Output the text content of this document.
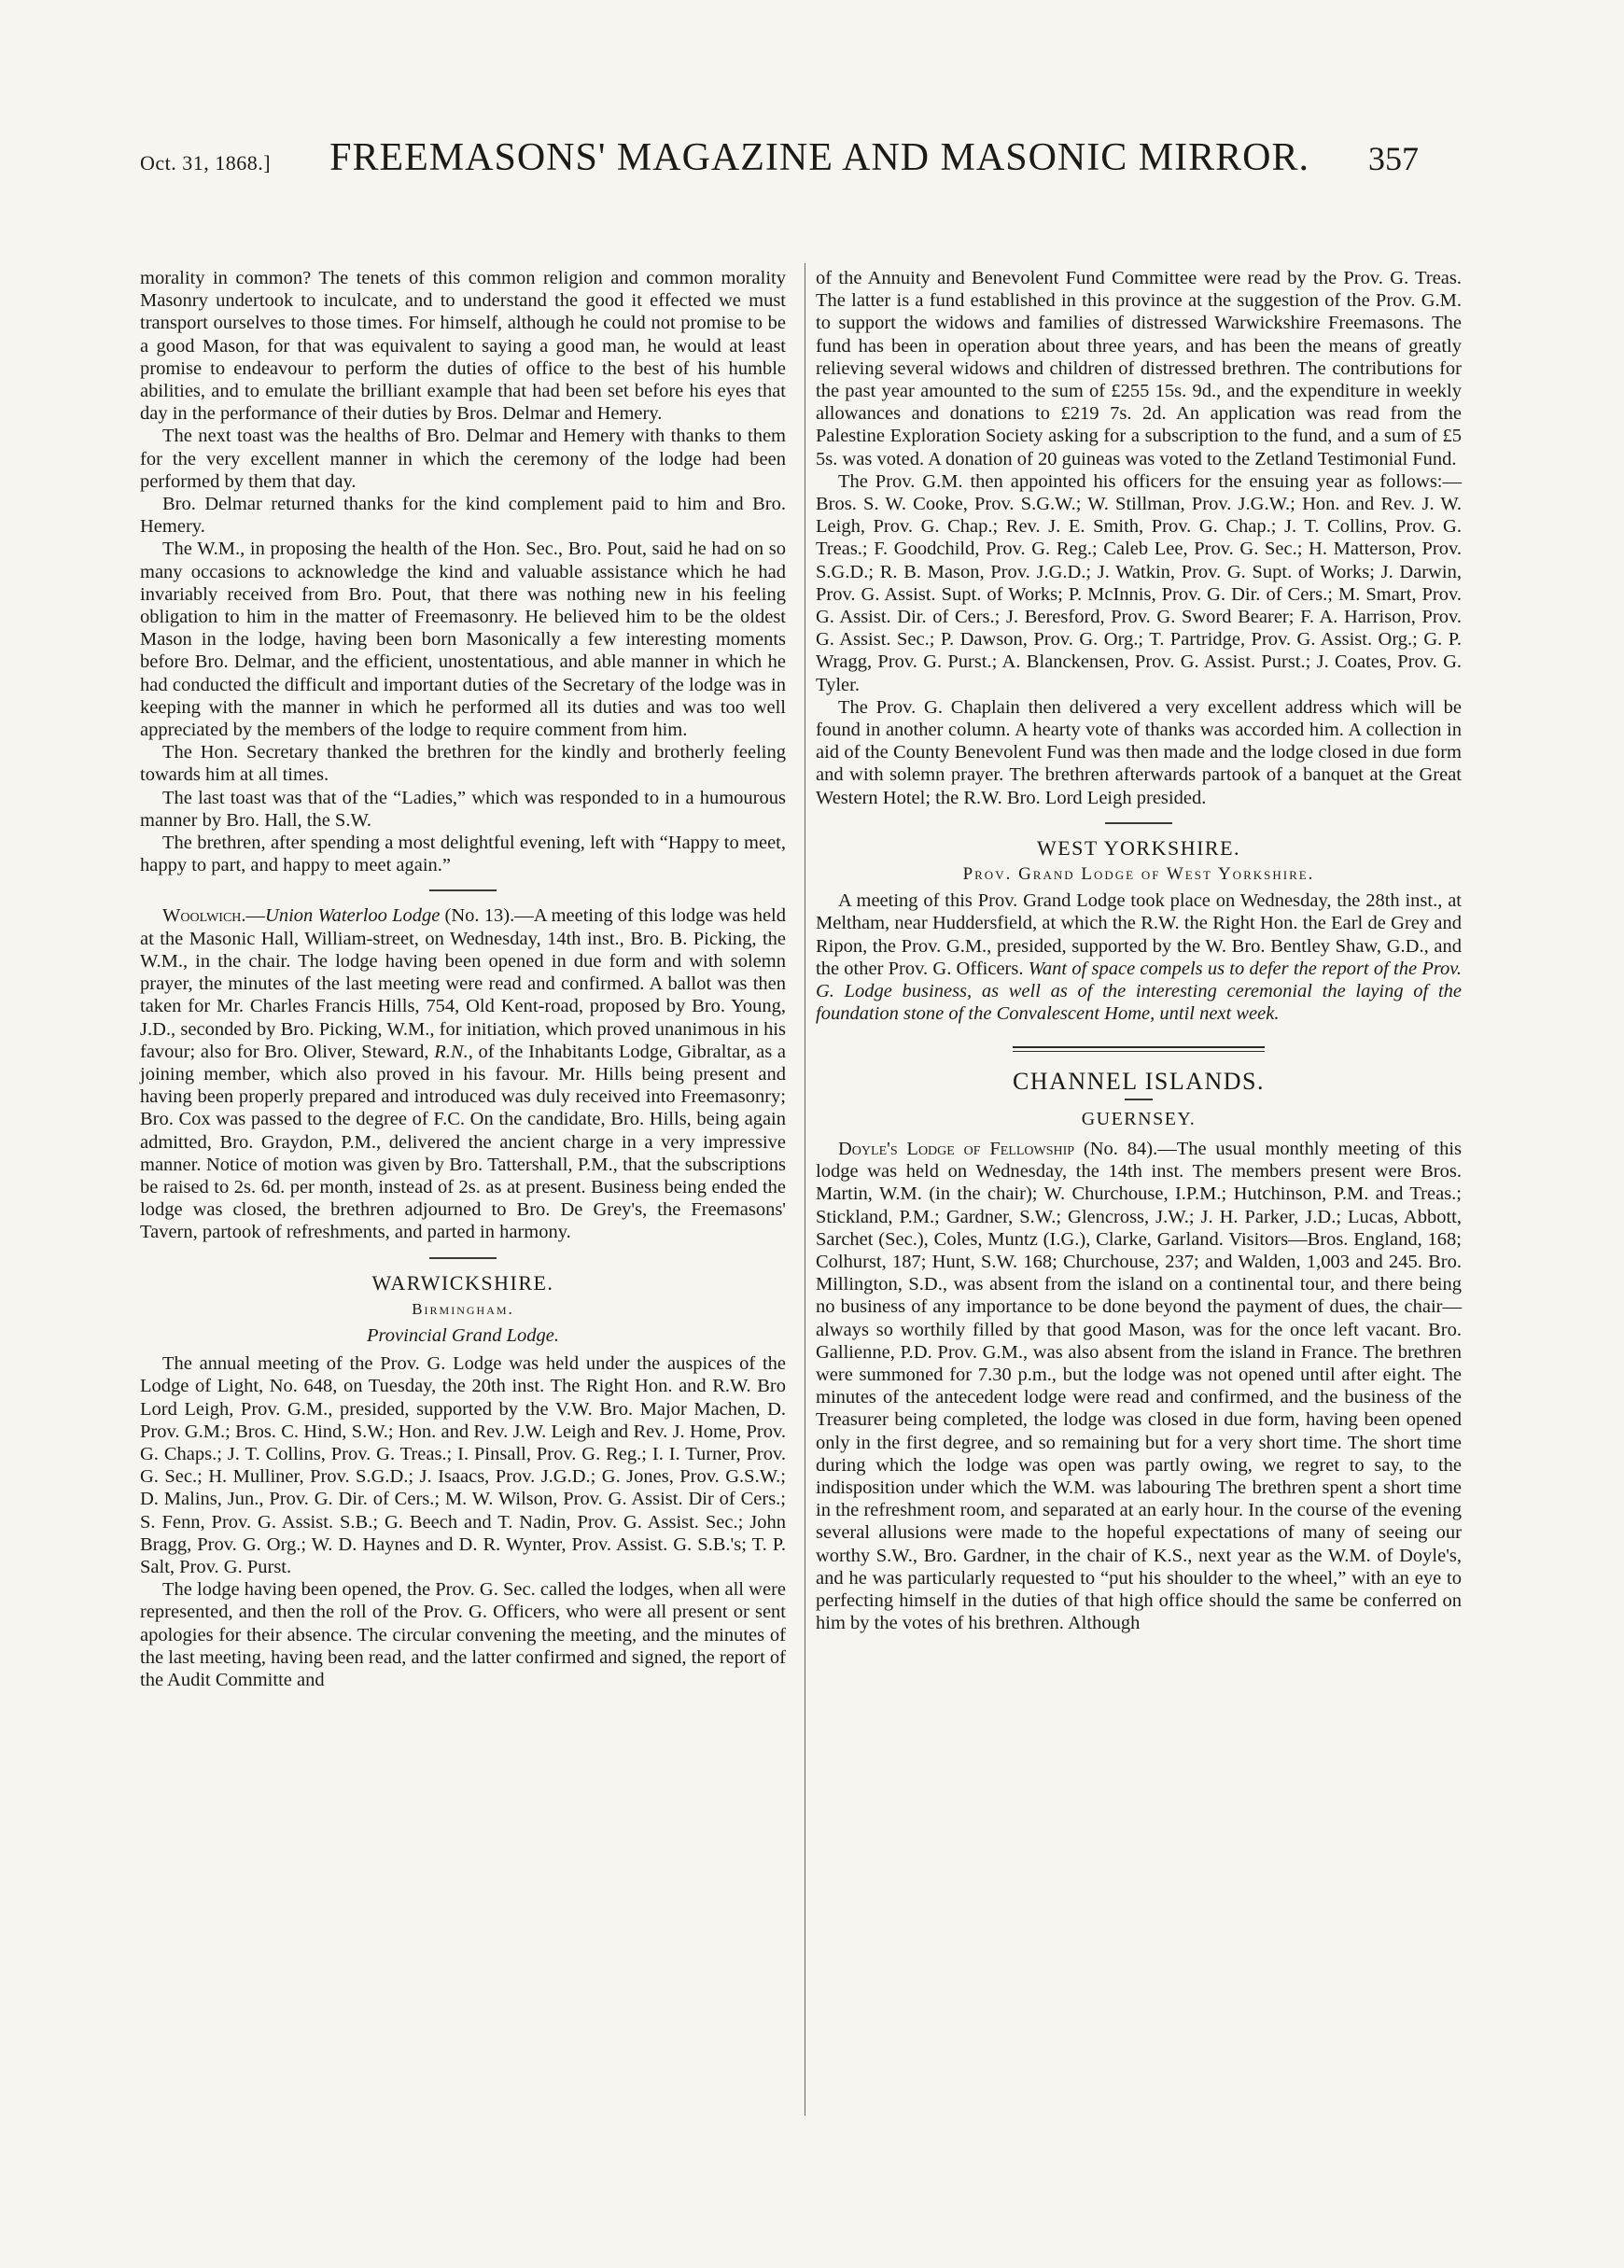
Oct. 31, 1868.] FREEMASONS' MAGAZINE AND MASONIC MIRROR. 357

morality in common? The tenets of this common religion and common morality Masonry undertook to inculcate, and to understand the good it effected we must transport ourselves to those times. For himself, although he could not promise to be a good Mason, for that was equivalent to saying a good man, he would at least promise to endeavour to perform the duties of office to the best of his humble abilities, and to emulate the brilliant example that had been set before his eyes that day in the performance of their duties by Bros. Delmar and Hemery.

The next toast was the healths of Bro. Delmar and Hemery with thanks to them for the very excellent manner in which the ceremony of the lodge had been performed by them that day.

Bro. Delmar returned thanks for the kind complement paid to him and Bro. Hemery.

The W.M., in proposing the health of the Hon. Sec., Bro. Pout, said he had on so many occasions to acknowledge the kind and valuable assistance which he had invariably received from Bro. Pout, that there was nothing new in his feeling obligation to him in the matter of Freemasonry. He believed him to be the oldest Mason in the lodge, having been born Masonically a few interesting moments before Bro. Delmar, and the efficient, unostentatious, and able manner in which he had conducted the difficult and important duties of the Secretary of the lodge was in keeping with the manner in which he performed all its duties and was too well appreciated by the members of the lodge to require comment from him.

The Hon. Secretary thanked the brethren for the kindly and brotherly feeling towards him at all times.

The last toast was that of the “Ladies,” which was responded to in a humourous manner by Bro. Hall, the S.W.

The brethren, after spending a most delightful evening, left with “Happy to meet, happy to part, and happy to meet again.”

Woolwich.—Union Waterloo Lodge (No. 13).—A meeting of this lodge was held at the Masonic Hall, William-street, on Wednesday, 14th inst., Bro. B. Picking, the W.M., in the chair. The lodge having been opened in due form and with solemn prayer, the minutes of the last meeting were read and confirmed. A ballot was then taken for Mr. Charles Francis Hills, 754, Old Kent-road, proposed by Bro. Young, J.D., seconded by Bro. Picking, W.M., for initiation, which proved unanimous in his favour; also for Bro. Oliver, Steward, R.N., of the Inhabitants Lodge, Gibraltar, as a joining member, which also proved in his favour. Mr. Hills being present and having been properly prepared and introduced was duly received into Freemasonry; Bro. Cox was passed to the degree of F.C. On the candidate, Bro. Hills, being again admitted, Bro. Graydon, P.M., delivered the ancient charge in a very impressive manner. Notice of motion was given by Bro. Tattershall, P.M., that the subscriptions be raised to 2s. 6d. per month, instead of 2s. as at present. Business being ended the lodge was closed, the brethren adjourned to Bro. De Grey's, the Freemasons' Tavern, partook of refreshments, and parted in harmony.

WARWICKSHIRE.
Birmingham.
Provincial Grand Lodge.

The annual meeting of the Prov. G. Lodge was held under the auspices of the Lodge of Light, No. 648, on Tuesday, the 20th inst. The Right Hon. and R.W. Bro Lord Leigh, Prov. G.M., presided, supported by the V.W. Bro. Major Machen, D. Prov. G.M.; Bros. C. Hind, S.W.; Hon. and Rev. J.W. Leigh and Rev. J. Home, Prov. G. Chaps.; J. T. Collins, Prov. G. Treas.; I. Pinsall, Prov. G. Reg.; I. I. Turner, Prov. G. Sec.; H. Mulliner, Prov. S.G.D.; J. Isaacs, Prov. J.G.D.; G. Jones, Prov. G.S.W.; D. Malins, Jun., Prov. G. Dir. of Cers.; M. W. Wilson, Prov. G. Assist. Dir of Cers.; S. Fenn, Prov. G. Assist. S.B.; G. Beech and T. Nadin, Prov. G. Assist. Sec.; John Bragg, Prov. G. Org.; W. D. Haynes and D. R. Wynter, Prov. Assist. G. S.B.'s; T. P. Salt, Prov. G. Purst.

The lodge having been opened, the Prov. G. Sec. called the lodges, when all were represented, and then the roll of the Prov. G. Officers, who were all present or sent apologies for their absence. The circular convening the meeting, and the minutes of the last meeting, having been read, and the latter confirmed and signed, the report of the Audit Committe and

of the Annuity and Benevolent Fund Committee were read by the Prov. G. Treas. The latter is a fund established in this province at the suggestion of the Prov. G.M. to support the widows and families of distressed Warwickshire Freemasons. The fund has been in operation about three years, and has been the means of greatly relieving several widows and children of distressed brethren. The contributions for the past year amounted to the sum of £255 15s. 9d., and the expenditure in weekly allowances and donations to £219 7s. 2d. An application was read from the Palestine Exploration Society asking for a subscription to the fund, and a sum of £5 5s. was voted. A donation of 20 guineas was voted to the Zetland Testimonial Fund.

The Prov. G.M. then appointed his officers for the ensuing year as follows:—Bros. S. W. Cooke, Prov. S.G.W.; W. Stillman, Prov. J.G.W.; Hon. and Rev. J. W. Leigh, Prov. G. Chap.; Rev. J. E. Smith, Prov. G. Chap.; J. T. Collins, Prov. G. Treas.; F. Goodchild, Prov. G. Reg.; Caleb Lee, Prov. G. Sec.; H. Matterson, Prov. S.G.D.; R. B. Mason, Prov. J.G.D.; J. Watkin, Prov. G. Supt. of Works; J. Darwin, Prov. G. Assist. Supt. of Works; P. McInnis, Prov. G. Dir. of Cers.; M. Smart, Prov. G. Assist. Dir. of Cers.; J. Beresford, Prov. G. Sword Bearer; F. A. Harrison, Prov. G. Assist. Sec.; P. Dawson, Prov. G. Org.; T. Partridge, Prov. G. Assist. Org.; G. P. Wragg, Prov. G. Purst.; A. Blanckensen, Prov. G. Assist. Purst.; J. Coates, Prov. G. Tyler.

The Prov. G. Chaplain then delivered a very excellent address which will be found in another column. A hearty vote of thanks was accorded him. A collection in aid of the County Benevolent Fund was then made and the lodge closed in due form and with solemn prayer. The brethren afterwards partook of a banquet at the Great Western Hotel; the R.W. Bro. Lord Leigh presided.

WEST YORKSHIRE.
Prov. Grand Lodge of West Yorkshire.

A meeting of this Prov. Grand Lodge took place on Wednesday, the 28th inst., at Meltham, near Huddersfield, at which the R.W. the Right Hon. the Earl de Grey and Ripon, the Prov. G.M., presided, supported by the W. Bro. Bentley Shaw, G.D., and the other Prov. G. Officers. Want of space compels us to defer the report of the Prov. G. Lodge business, as well as of the interesting ceremonial the laying of the foundation stone of the Convalescent Home, until next week.

CHANNEL ISLANDS.
GUERNSEY.

Doyle's Lodge of Fellowship (No. 84).—The usual monthly meeting of this lodge was held on Wednesday, the 14th inst. The members present were Bros. Martin, W.M. (in the chair); W. Churchouse, I.P.M.; Hutchinson, P.M. and Treas.; Stickland, P.M.; Gardner, S.W.; Glencross, J.W.; J. H. Parker, J.D.; Lucas, Abbott, Sarchet (Sec.), Coles, Muntz (I.G.), Clarke, Garland. Visitors—Bros. England, 168; Colhurst, 187; Hunt, S.W. 168; Churchouse, 237; and Walden, 1,003 and 245. Bro. Millington, S.D., was absent from the island on a continental tour, and there being no business of any importance to be done beyond the payment of dues, the chair—always so worthily filled by that good Mason, was for the once left vacant. Bro. Gallienne, P.D. Prov. G.M., was also absent from the island in France. The brethren were summoned for 7.30 p.m., but the lodge was not opened until after eight. The minutes of the antecedent lodge were read and confirmed, and the business of the Treasurer being completed, the lodge was closed in due form, having been opened only in the first degree, and so remaining but for a very short time. The short time during which the lodge was open was partly owing, we regret to say, to the indisposition under which the W.M. was labouring The brethren spent a short time in the refreshment room, and separated at an early hour. In the course of the evening several allusions were made to the hopeful expectations of many of seeing our worthy S.W., Bro. Gardner, in the chair of K.S., next year as the W.M. of Doyle's, and he was particularly requested to “put his shoulder to the wheel,” with an eye to perfecting himself in the duties of that high office should the same be conferred on him by the votes of his brethren. Although
